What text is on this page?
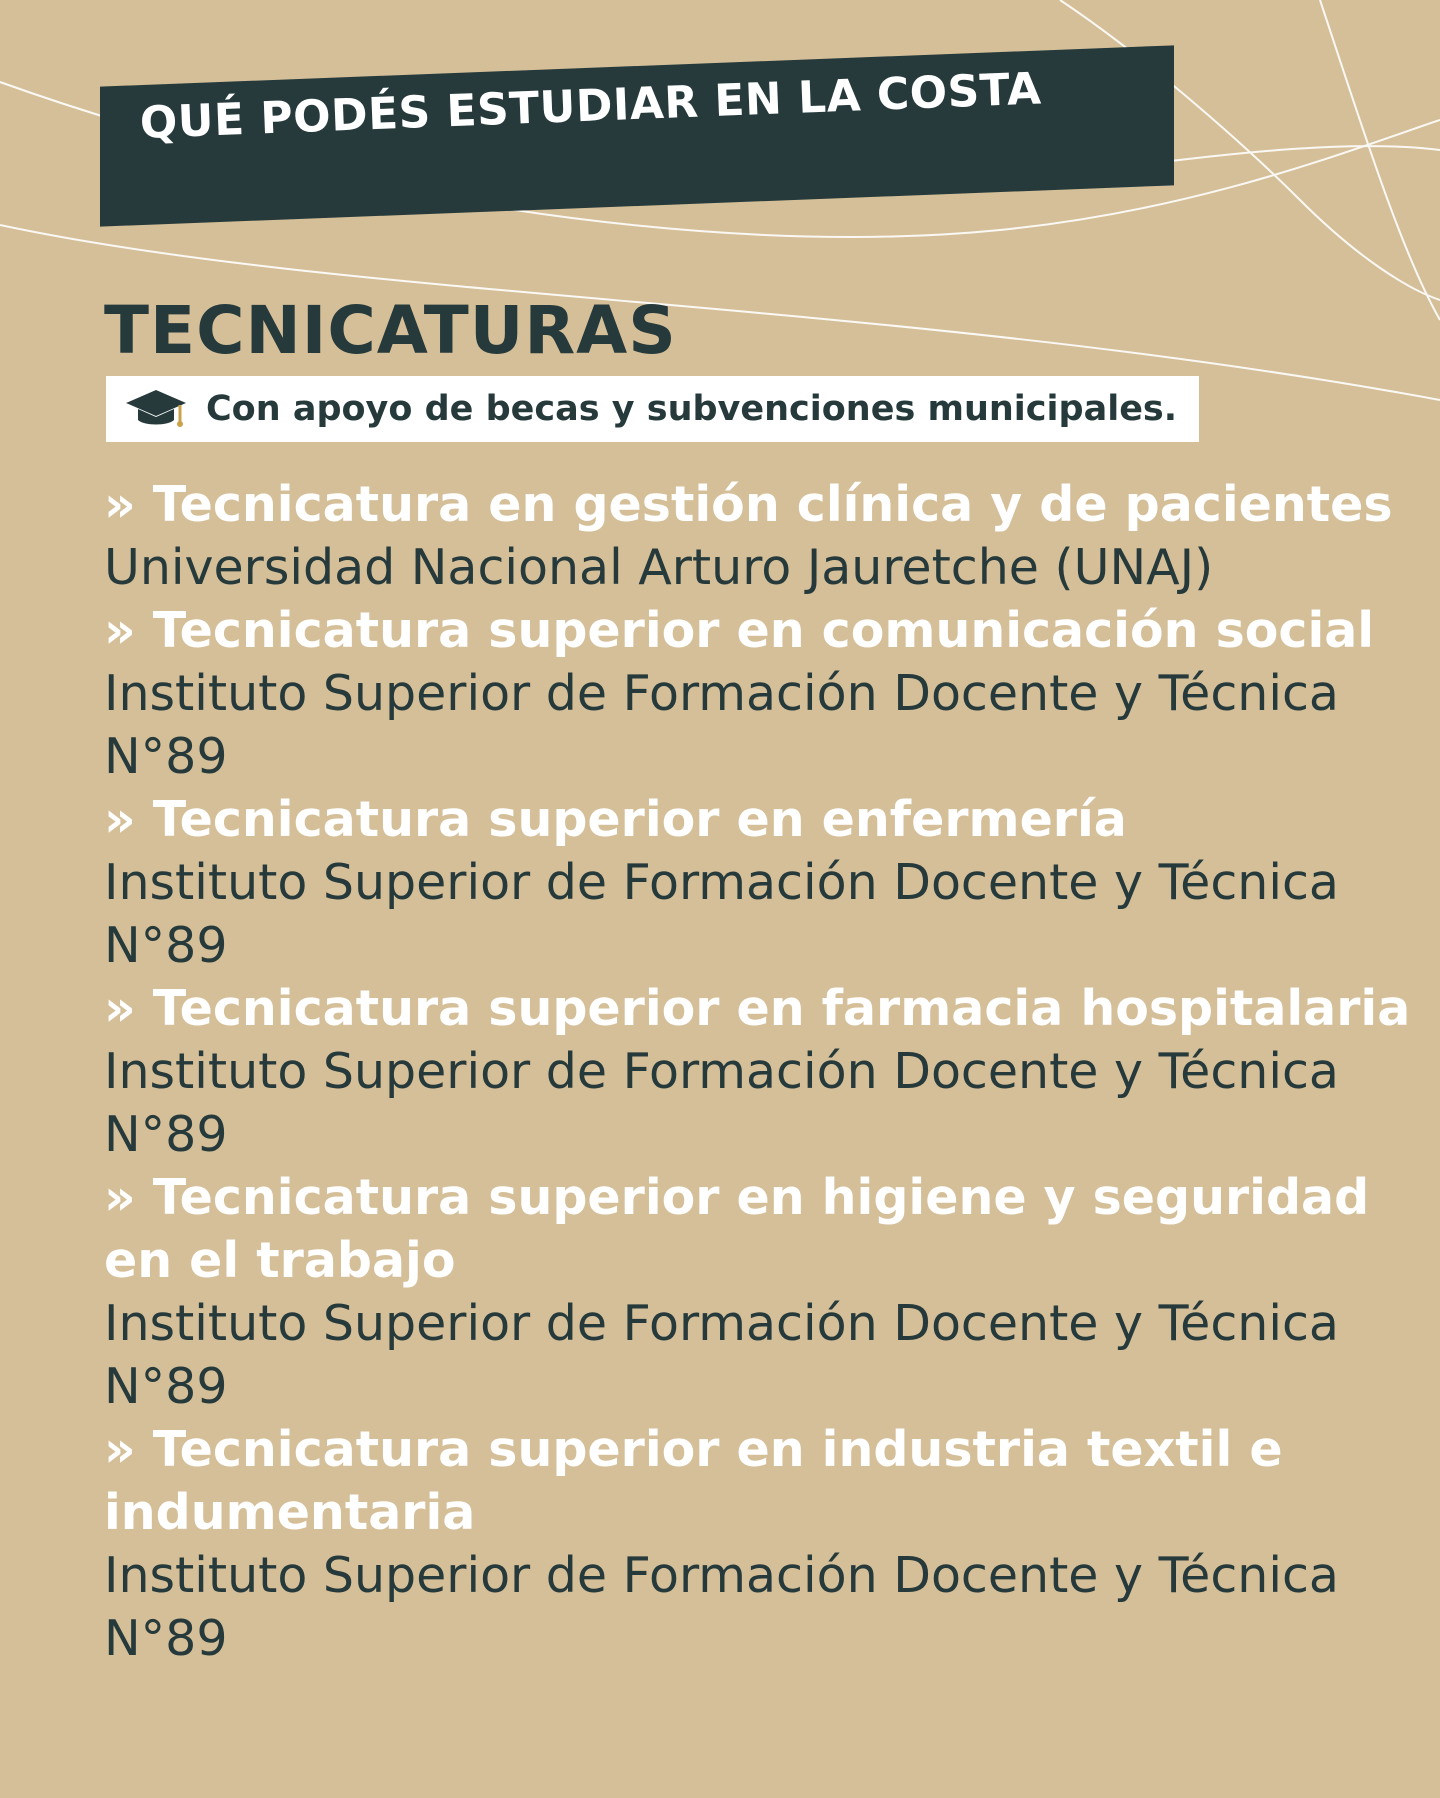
QUÉ PODÉS ESTUDIAR EN LA COSTA
TECNICATURAS
Con apoyo de becas y subvenciones municipales.
» Tecnicatura en gestión clínica y de pacientes
Universidad Nacional Arturo Jauretche (UNAJ)
» Tecnicatura superior en comunicación social
Instituto Superior de Formación Docente y Técnica N°89
» Tecnicatura superior en enfermería
Instituto Superior de Formación Docente y Técnica N°89
» Tecnicatura superior en farmacia hospitalaria
Instituto Superior de Formación Docente y Técnica N°89
» Tecnicatura superior en higiene y seguridad en el trabajo
Instituto Superior de Formación Docente y Técnica N°89
» Tecnicatura superior en industria textil e indumentaria
Instituto Superior de Formación Docente y Técnica N°89
